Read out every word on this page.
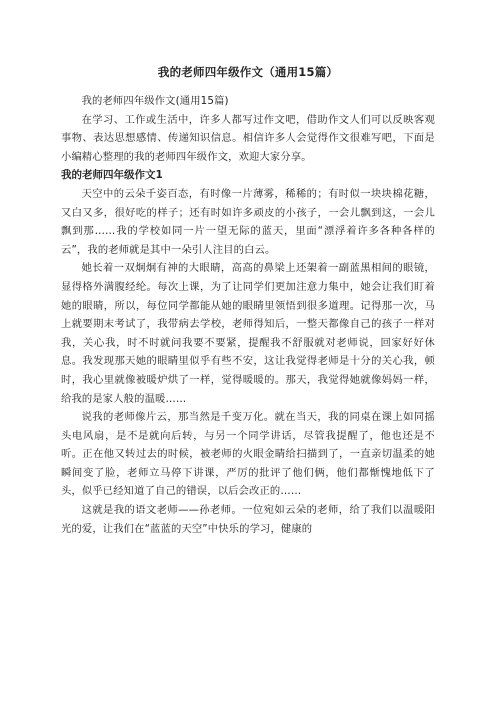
我的老师四年级作文（通用15篇）

我的老师四年级作文(通用15篇)

在学习、工作或生活中，许多人都写过作文吧，借助作文人们可以反映客观事物、表达思想感情、传递知识信息。相信许多人会觉得作文很难写吧，下面是小编精心整理的我的老师四年级作文，欢迎大家分享。

我的老师四年级作文1

天空中的云朵千姿百态，有时像一片薄雾，稀稀的；有时似一块块棉花糖，又白又多，很好吃的样子；还有时如许多顽皮的小孩子，一会儿飘到这，一会儿飘到那……我的学校如同一片一望无际的蓝天，里面“漂浮着许多各种各样的云”，我的老师就是其中一朵引人注目的白云。

她长着一双炯炯有神的大眼睛，高高的鼻梁上还架着一副蓝黑相间的眼镜，显得格外满腹经纶。每次上课，为了让同学们更加注意力集中，她会让我们盯着她的眼睛，所以，每位同学都能从她的眼睛里领悟到很多道理。记得那一次，马上就要期末考试了，我带病去学校，老师得知后，一整天都像自己的孩子一样对我，关心我，时不时就问我要不要紧，提醒我不舒服就对老师说，回家好好休息。我发现那天她的眼睛里似乎有些不安，这让我觉得老师是十分的关心我，顿时，我心里就像被暖炉烘了一样，觉得暖暖的。那天，我觉得她就像妈妈一样，给我的是家人般的温暖……

说我的老师像片云，那当然是千变万化。就在当天，我的同桌在课上如同摇头电风扇，是不是就向后转，与另一个同学讲话，尽管我提醒了，他也还是不听。正在他又转过去的时候，被老师的火眼金睛给扫描到了，一直亲切温柔的她瞬间变了脸，老师立马停下讲课，严厉的批评了他们俩，他们都惭愧地低下了头，似乎已经知道了自己的错误，以后会改正的……

这就是我的语文老师——孙老师。一位宛如云朵的老师，给了我们以温暖阳光的爱，让我们在“蓝蓝的天空”中快乐的学习，健康的
